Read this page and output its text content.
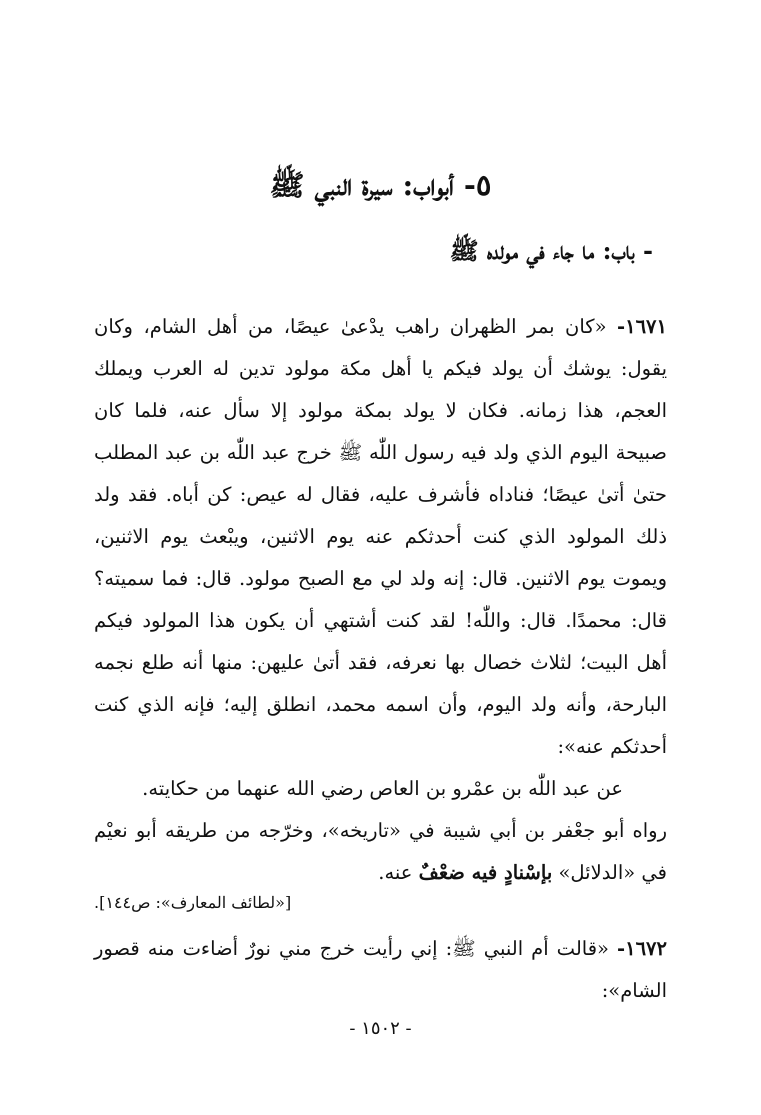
٥- أبواب: سيرة النبي ﷺ
- باب: ما جاء في مولده ﷺ

١٦٧١- «كان بمر الظهران راهب يدْعىٰ عيصًا، من أهل الشام، وكان يقول: يوشك أن يولد فيكم يا أهل مكة مولود تدين له العرب ويملك العجم، هذا زمانه. فكان لا يولد بمكة مولود إلا سأل عنه، فلما كان صبيحة اليوم الذي ولد فيه رسول اللّٰه ﷺ خرج عبد اللّٰه بن عبد المطلب حتىٰ أتىٰ عيصًا؛ فناداه فأشرف عليه، فقال له عيص: كن أباه. فقد ولد ذلك المولود الذي كنت أحدثكم عنه يوم الاثنين، ويبْعث يوم الاثنين، ويموت يوم الاثنين. قال: إنه ولد لي مع الصبح مولود. قال: فما سميته؟ قال: محمدًا. قال: واللّٰه! لقد كنت أشتهي أن يكون هذا المولود فيكم أهل البيت؛ لثلاث خصال بها نعرفه، فقد أتىٰ عليهن: منها أنه طلع نجمه البارحة، وأنه ولد اليوم، وأن اسمه محمد، انطلق إليه؛ فإنه الذي كنت أحدثكم عنه»:

عن عبد اللّٰه بن عمْرو بن العاص رضي الله عنهما من حكايته.

رواه أبو جعْفر بن أبي شيبة في «تاريخه»، وخرّجه من طريقه أبو نعيْم في «الدلائل» بإسْنادٍ فيه ضعْفٌ عنه.

[«لطائف المعارف»: ص١٤٤].

١٦٧٢- «قالت أم النبي ﷺ: إني رأيت خرج مني نورٌ أضاءت منه قصور الشام»:

- ١٥٠٢ -
